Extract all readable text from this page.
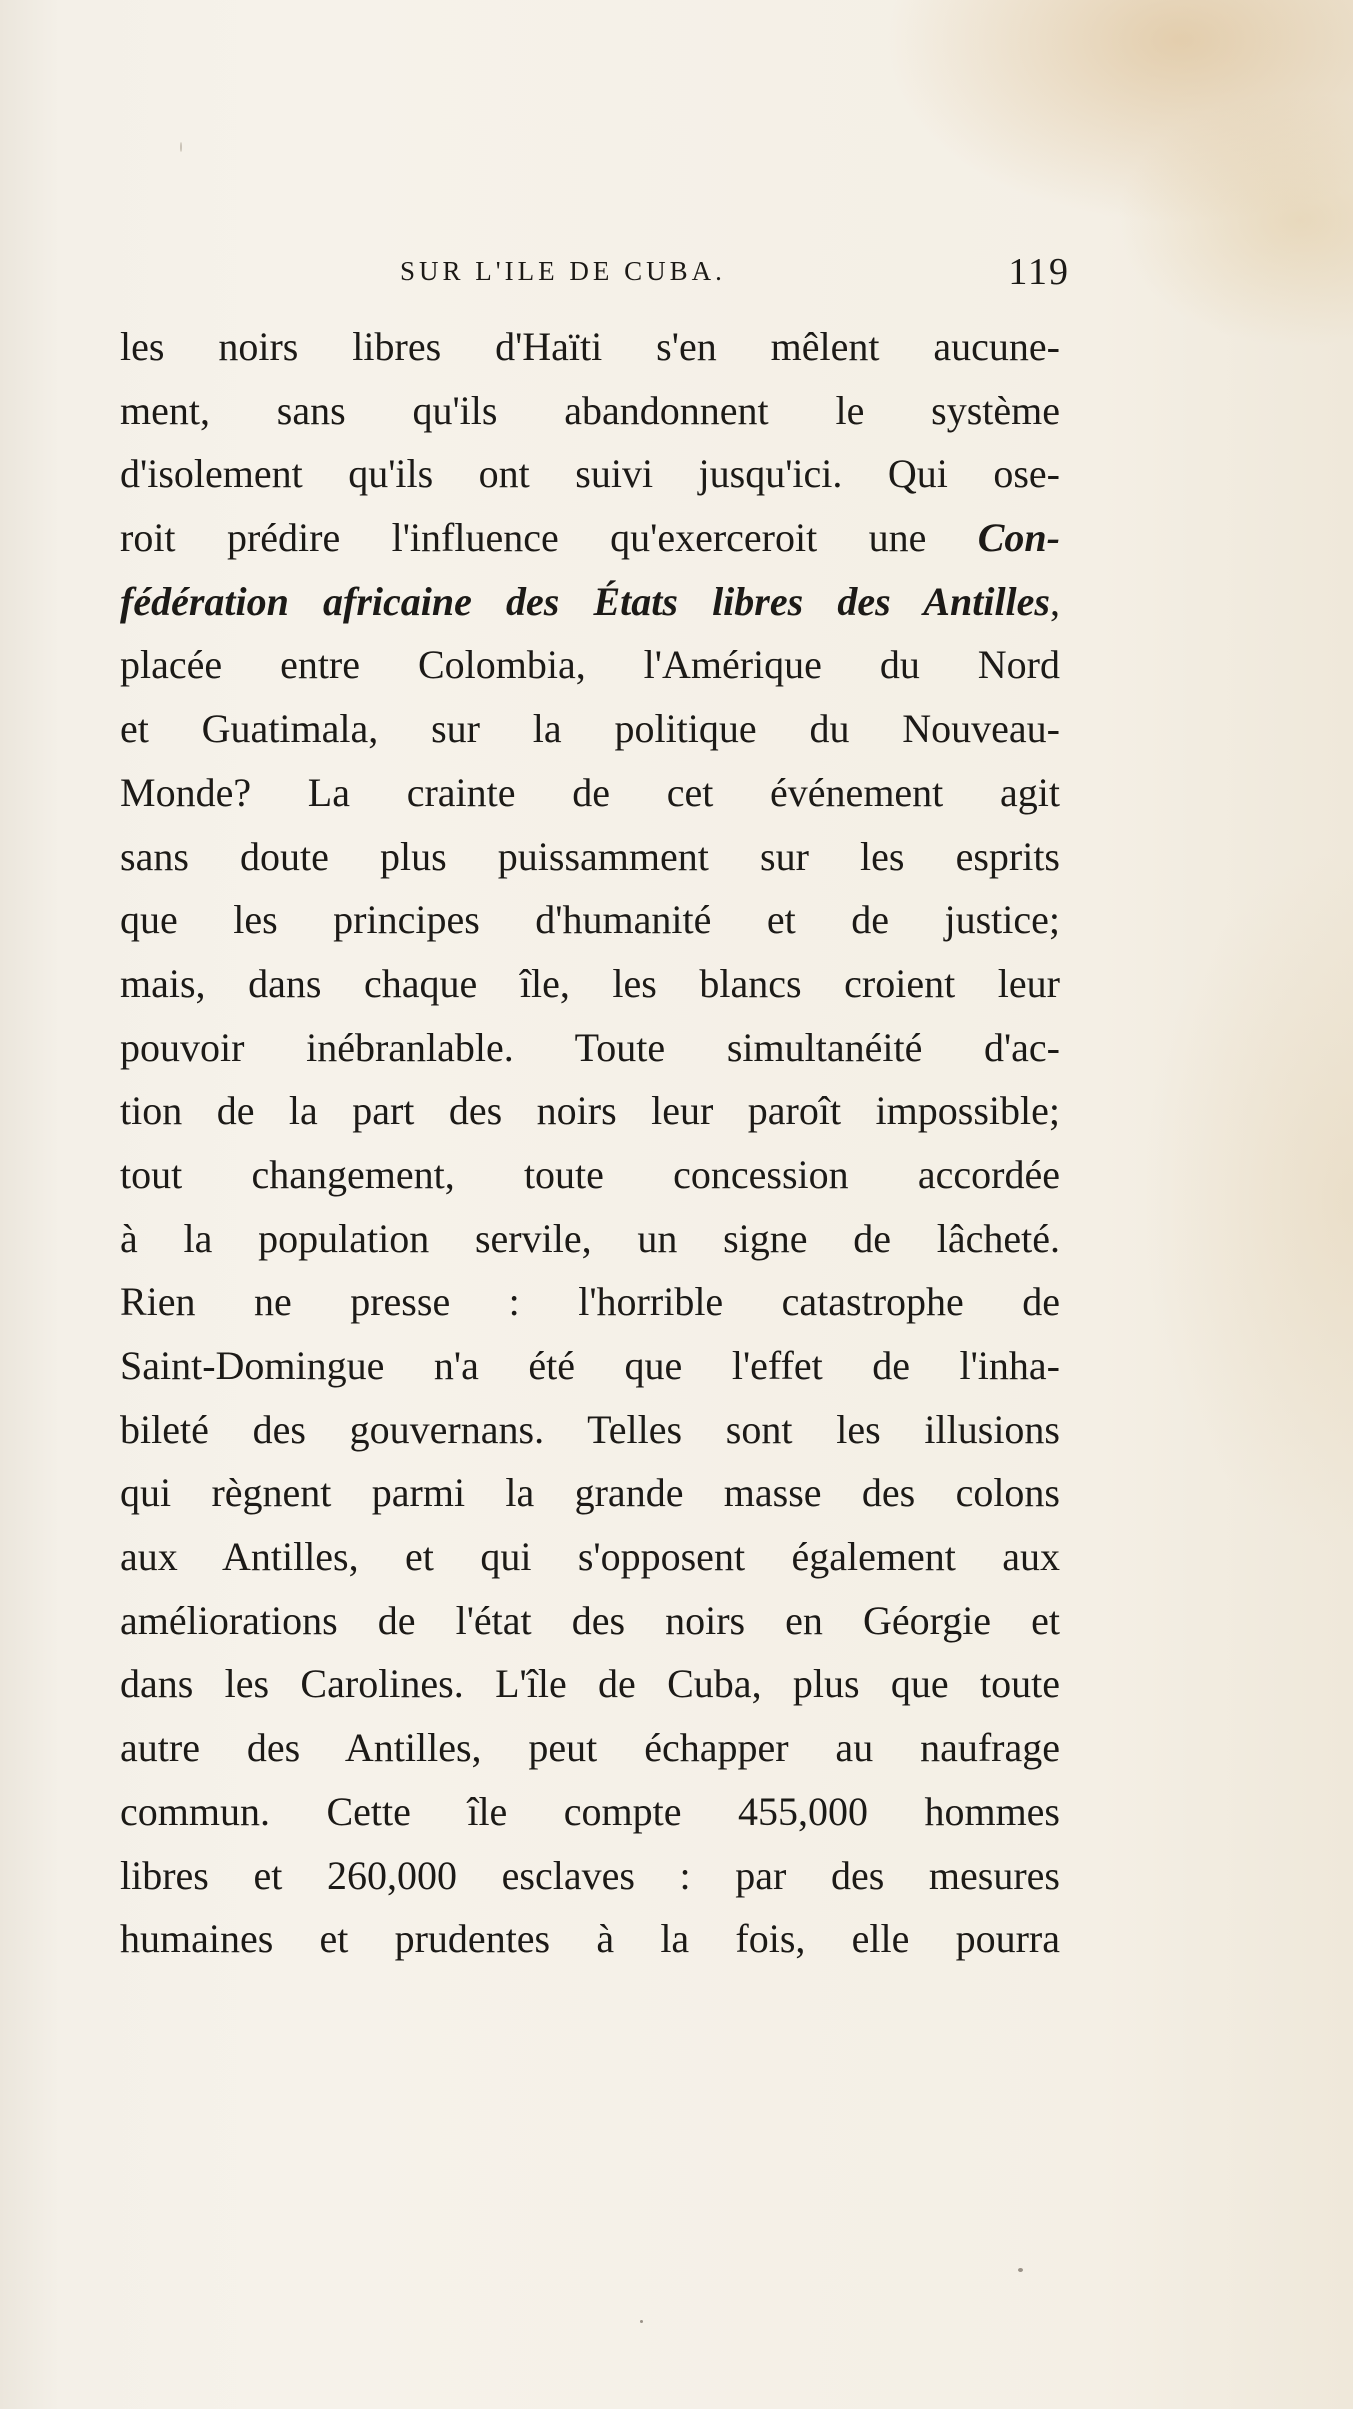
SUR L'ILE DE CUBA.	119
les noirs libres d'Haïti s'en mêlent aucune-
ment, sans qu'ils abandonnent le système
d'isolement qu'ils ont suivi jusqu'ici. Qui ose-
roit prédire l'influence qu'exerceroit une Con-
fédération africaine des États libres des Antilles,
placée entre Colombia, l'Amérique du Nord
et Guatimala, sur la politique du Nouveau-
Monde? La crainte de cet événement agit
sans doute plus puissamment sur les esprits
que les principes d'humanité et de justice;
mais, dans chaque île, les blancs croient leur
pouvoir inébranlable. Toute simultanéité d'ac-
tion de la part des noirs leur paroît impossible;
tout changement, toute concession accordée
à la population servile, un signe de lâcheté.
Rien ne presse : l'horrible catastrophe de
Saint-Domingue n'a été que l'effet de l'inha-
bileté des gouvernans. Telles sont les illusions
qui règnent parmi la grande masse des colons
aux Antilles, et qui s'opposent également aux
améliorations de l'état des noirs en Géorgie et
dans les Carolines. L'île de Cuba, plus que toute
autre des Antilles, peut échapper au naufrage
commun. Cette île compte 455,000 hommes
libres et 260,000 esclaves : par des mesures
humaines et prudentes à la fois, elle pourra
